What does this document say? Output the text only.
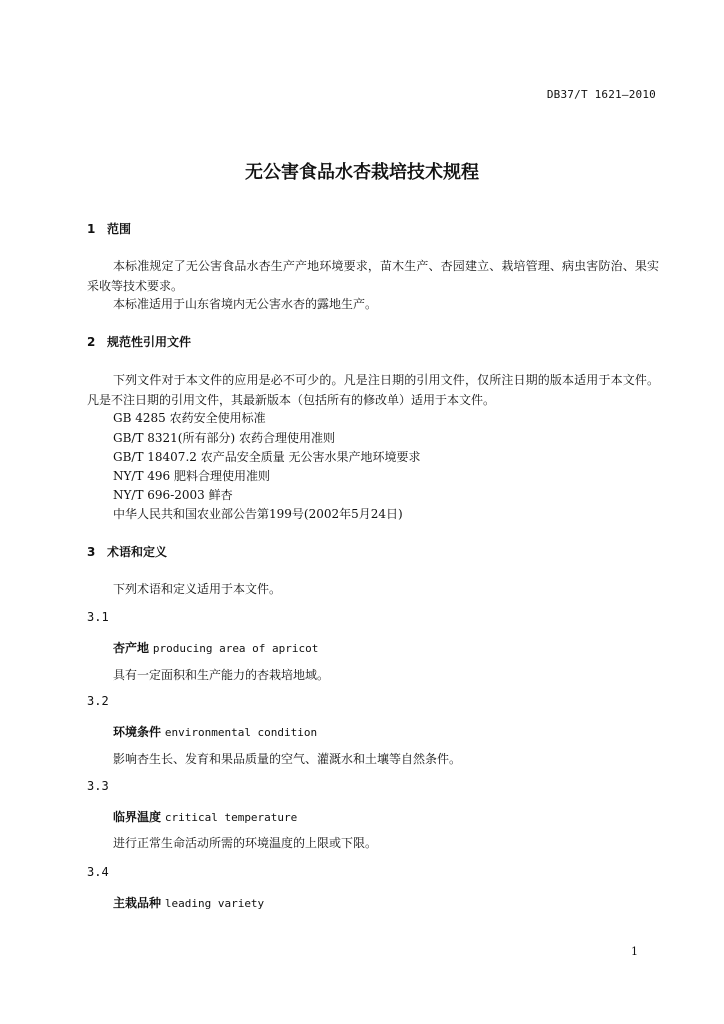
DB37/T 1621—2010
无公害食品水杏栽培技术规程
1 范围
本标准规定了无公害食品水杏生产产地环境要求，苗木生产、杏园建立、栽培管理、病虫害防治、果实采收等技术要求。
本标准适用于山东省境内无公害水杏的露地生产。
2 规范性引用文件
下列文件对于本文件的应用是必不可少的。凡是注日期的引用文件，仅所注日期的版本适用于本文件。凡是不注日期的引用文件，其最新版本（包括所有的修改单）适用于本文件。
GB 4285 农药安全使用标准
GB/T 8321(所有部分) 农药合理使用准则
GB/T 18407.2 农产品安全质量 无公害水果产地环境要求
NY/T 496 肥料合理使用准则
NY/T 696-2003 鲜杏
中华人民共和国农业部公告第199号(2002年5月24日)
3 术语和定义
下列术语和定义适用于本文件。
3.1
杏产地 producing area of apricot
具有一定面积和生产能力的杏栽培地域。
3.2
环境条件 environmental condition
影响杏生长、发育和果品质量的空气、灌溉水和土壤等自然条件。
3.3
临界温度 critical temperature
进行正常生命活动所需的环境温度的上限或下限。
3.4
主栽品种 leading variety
1
